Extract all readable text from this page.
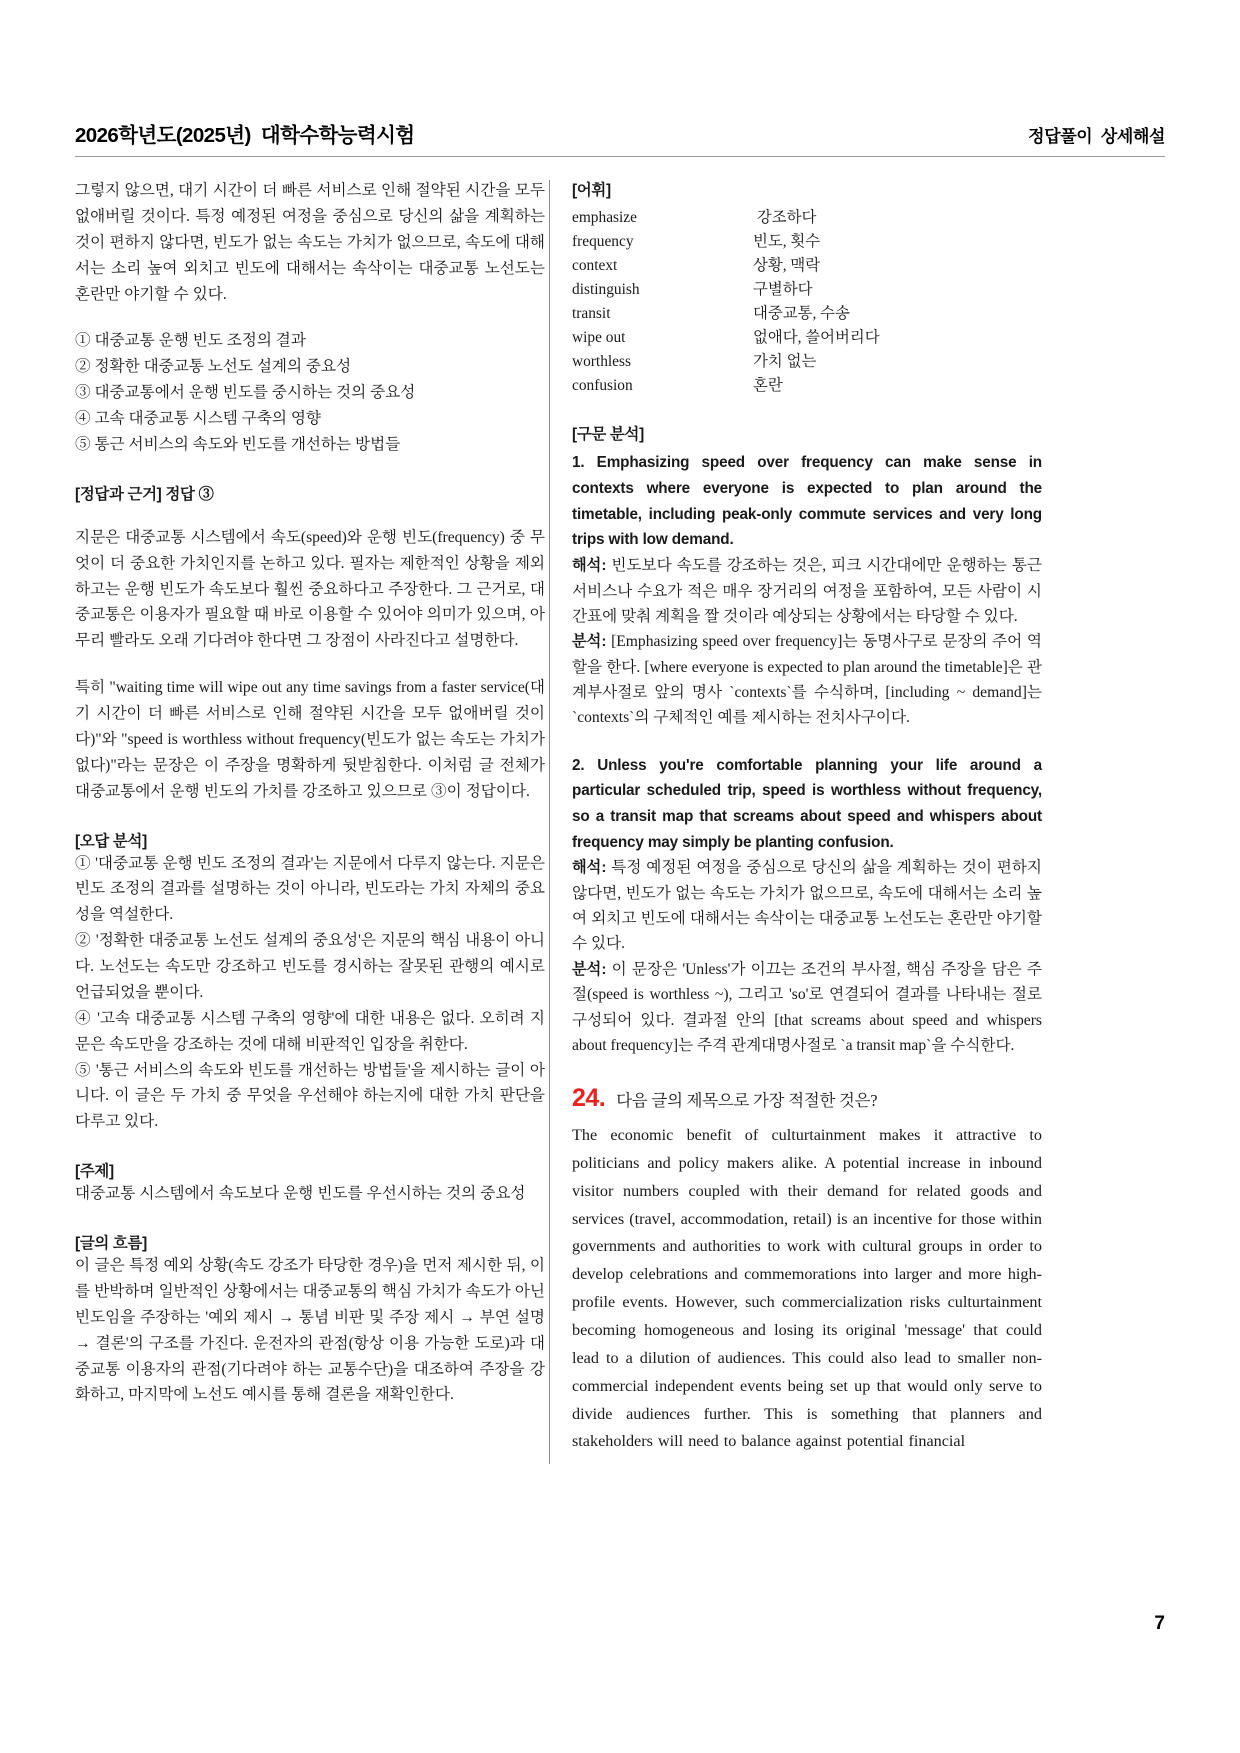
2026학년도(2025년)  대학수학능력시험	정답풀이  상세해설

그렇지 않으면, 대기 시간이 더 빠른 서비스로 인해 절약된 시간을 모두 없애버릴 것이다. 특정 예정된 여정을 중심으로 당신의 삶을 계획하는 것이 편하지 않다면, 빈도가 없는 속도는 가치가 없으므로, 속도에 대해서는 소리 높여 외치고 빈도에 대해서는 속삭이는 대중교통 노선도는 혼란만 야기할 수 있다.

① 대중교통 운행 빈도 조정의 결과
② 정확한 대중교통 노선도 설계의 중요성
③ 대중교통에서 운행 빈도를 중시하는 것의 중요성
④ 고속 대중교통 시스템 구축의 영향
⑤ 통근 서비스의 속도와 빈도를 개선하는 방법들
[정답과 근거] 정답 ③

지문은 대중교통 시스템에서 속도(speed)와 운행 빈도(frequency) 중 무엇이 더 중요한 가치인지를 논하고 있다. 필자는 제한적인 상황을 제외하고는 운행 빈도가 속도보다 훨씬 중요하다고 주장한다. 그 근거로, 대중교통은 이용자가 필요할 때 바로 이용할 수 있어야 의미가 있으며, 아무리 빨라도 오래 기다려야 한다면 그 장점이 사라진다고 설명한다.

특히 "waiting time will wipe out any time savings from a faster service(대기 시간이 더 빠른 서비스로 인해 절약된 시간을 모두 없애버릴 것이다)"와 "speed is worthless without frequency(빈도가 없는 속도는 가치가 없다)"라는 문장은 이 주장을 명확하게 뒷받침한다. 이처럼 글 전체가 대중교통에서 운행 빈도의 가치를 강조하고 있으므로 ③이 정답이다.

[오답 분석]
① '대중교통 운행 빈도 조정의 결과'는 지문에서 다루지 않는다. 지문은 빈도 조정의 결과를 설명하는 것이 아니라, 빈도라는 가치 자체의 중요성을 역설한다.
② '정확한 대중교통 노선도 설계의 중요성'은 지문의 핵심 내용이 아니다. 노선도는 속도만 강조하고 빈도를 경시하는 잘못된 관행의 예시로 언급되었을 뿐이다.
④ '고속 대중교통 시스템 구축의 영향'에 대한 내용은 없다. 오히려 지문은 속도만을 강조하는 것에 대해 비판적인 입장을 취한다.
⑤ '통근 서비스의 속도와 빈도를 개선하는 방법들'을 제시하는 글이 아니다. 이 글은 두 가치 중 무엇을 우선해야 하는지에 대한 가치 판단을 다루고 있다.
[주제]

대중교통 시스템에서 속도보다 운행 빈도를 우선시하는 것의 중요성

[글의 흐름]

이 글은 특정 예외 상황(속도 강조가 타당한 경우)을 먼저 제시한 뒤, 이를 반박하며 일반적인 상황에서는 대중교통의 핵심 가치가 속도가 아닌 빈도임을 주장하는 '예외 제시 → 통념 비판 및 주장 제시 → 부연 설명 → 결론'의 구조를 가진다. 운전자의 관점(항상 이용 가능한 도로)과 대중교통 이용자의 관점(기다려야 하는 교통수단)을 대조하여 주장을 강화하고, 마지막에 노선도 예시를 통해 결론을 재확인한다.

[어휘]
emphasize	강조하다
frequency	빈도, 횟수
context	상황, 맥락
distinguish	구별하다
transit	대중교통, 수송
wipe out	없애다, 쓸어버리다
worthless	가치 없는
confusion	혼란
[구문 분석]

1. Emphasizing speed over frequency can make sense in contexts where everyone is expected to plan around the timetable, including peak-only commute services and very long trips with low demand.

해석: 빈도보다 속도를 강조하는 것은, 피크 시간대에만 운행하는 통근 서비스나 수요가 적은 매우 장거리의 여정을 포함하여, 모든 사람이 시간표에 맞춰 계획을 짤 것이라 예상되는 상황에서는 타당할 수 있다.

분석: [Emphasizing speed over frequency]는 동명사구로 문장의 주어 역할을 한다. [where everyone is expected to plan around the timetable]은 관계부사절로 앞의 명사 `contexts`를 수식하며, [including ~ demand]는 `contexts`의 구체적인 예를 제시하는 전치사구이다.

2. Unless you're comfortable planning your life around a particular scheduled trip, speed is worthless without frequency, so a transit map that screams about speed and whispers about frequency may simply be planting confusion.

해석: 특정 예정된 여정을 중심으로 당신의 삶을 계획하는 것이 편하지 않다면, 빈도가 없는 속도는 가치가 없으므로, 속도에 대해서는 소리 높여 외치고 빈도에 대해서는 속삭이는 대중교통 노선도는 혼란만 야기할 수 있다.

분석: 이 문장은 'Unless'가 이끄는 조건의 부사절, 핵심 주장을 담은 주절(speed is worthless ~), 그리고 'so'로 연결되어 결과를 나타내는 절로 구성되어 있다. 결과절 안의 [that screams about speed and whispers about frequency]는 주격 관계대명사절로 `a transit map`을 수식한다.

24. 다음 글의 제목으로 가장 적절한 것은?

The economic benefit of culturtainment makes it attractive to politicians and policy makers alike. A potential increase in inbound visitor numbers coupled with their demand for related goods and services (travel, accommodation, retail) is an incentive for those within governments and authorities to work with cultural groups in order to develop celebrations and commemorations into larger and more high-profile events. However, such commercialization risks culturtainment becoming homogeneous and losing its original 'message' that could lead to a dilution of audiences. This could also lead to smaller non-commercial independent events being set up that would only serve to divide audiences further. This is something that planners and stakeholders will need to balance against potential financial

7
